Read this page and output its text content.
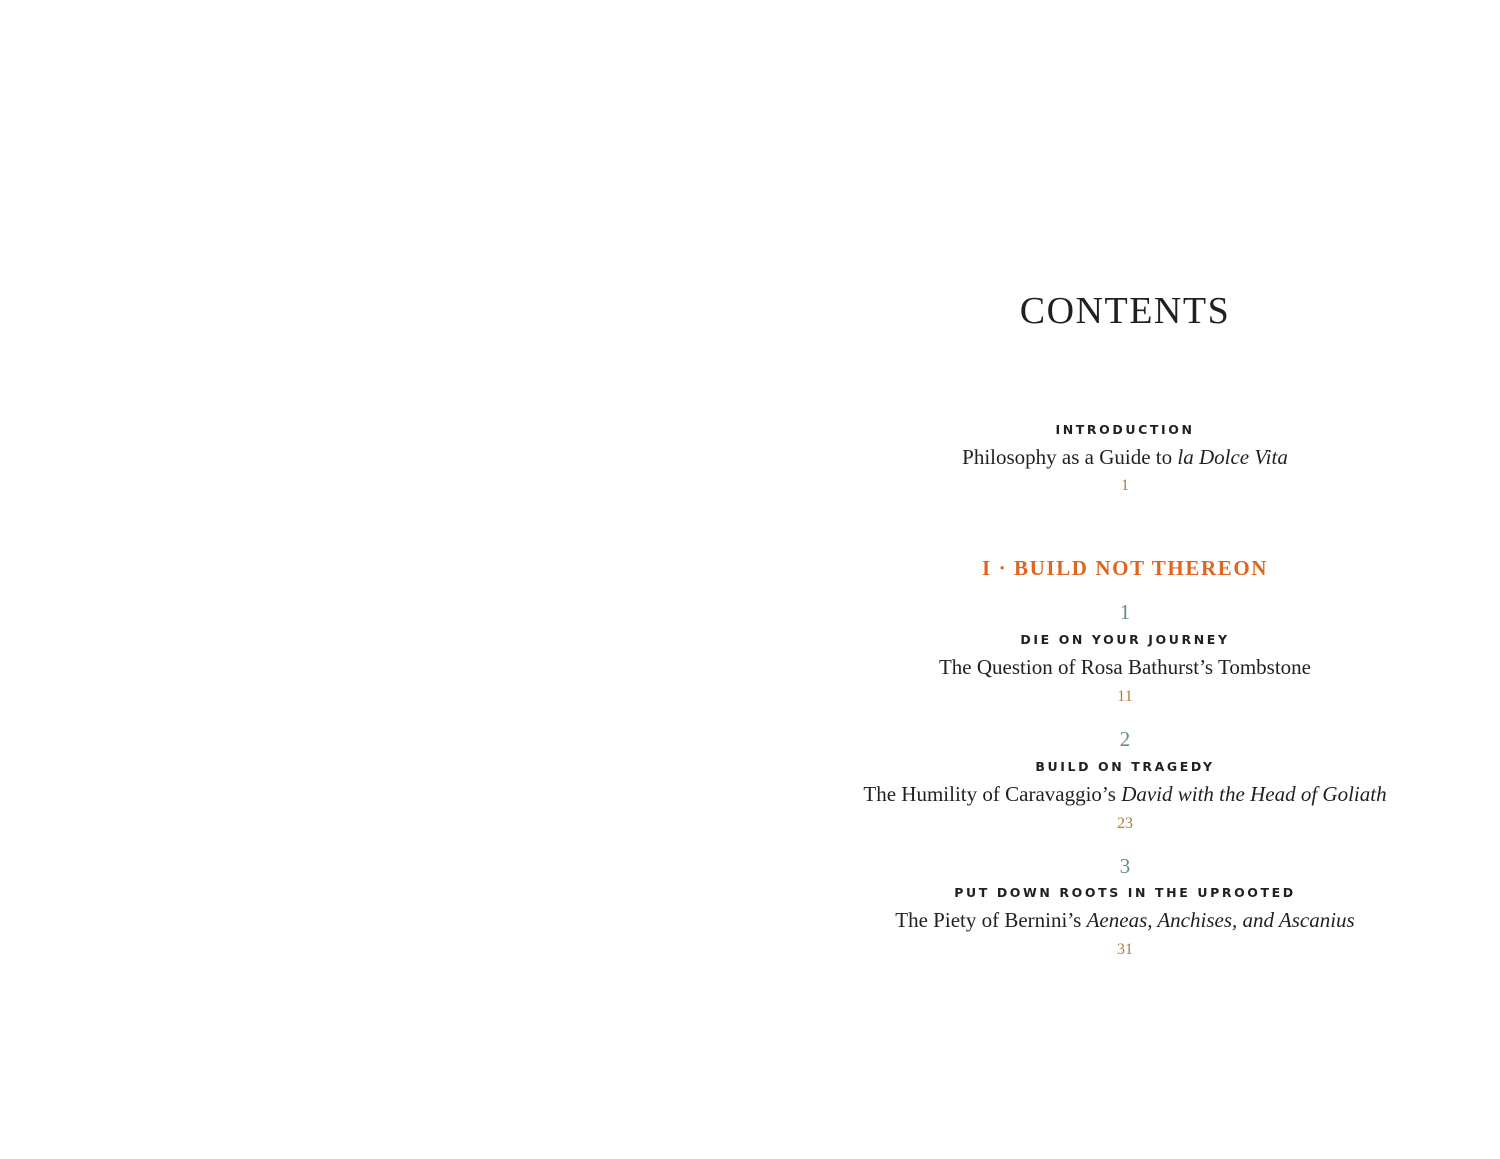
CONTENTS
INTRODUCTION
Philosophy as a Guide to la Dolce Vita
1
I · BUILD NOT THEREON
1
DIE ON YOUR JOURNEY
The Question of Rosa Bathurst’s Tombstone
11
2
BUILD ON TRAGEDY
The Humility of Caravaggio’s David with the Head of Goliath
23
3
PUT DOWN ROOTS IN THE UPROOTED
The Piety of Bernini’s Aeneas, Anchises, and Ascanius
31
